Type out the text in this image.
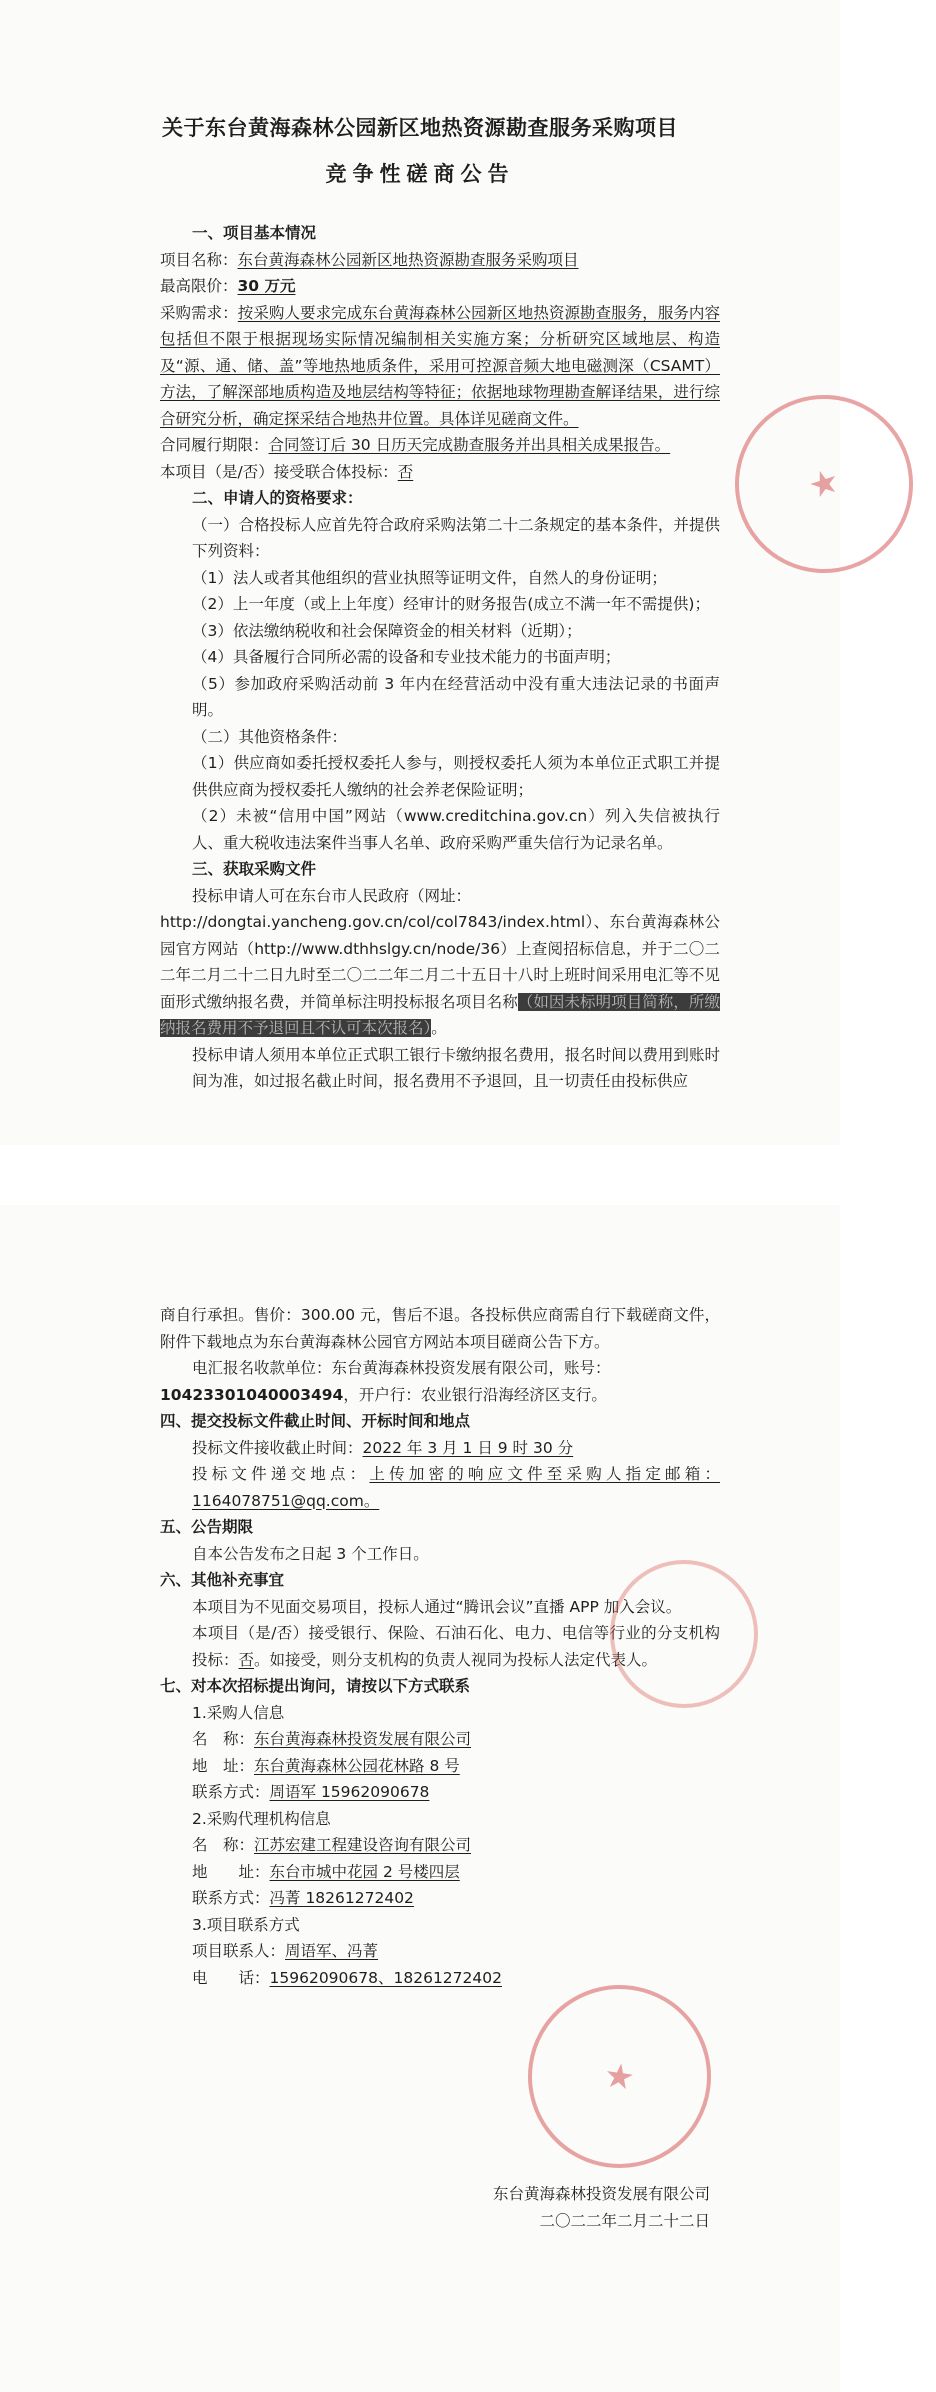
关于东台黄海森林公园新区地热资源勘查服务采购项目
竞争性磋商公告

一、项目基本情况

项目名称：东台黄海森林公园新区地热资源勘查服务采购项目

最高限价：30 万元

采购需求：按采购人要求完成东台黄海森林公园新区地热资源勘查服务，服务内容包括但不限于根据现场实际情况编制相关实施方案；分析研究区域地层、构造及“源、通、储、盖”等地热地质条件，采用可控源音频大地电磁测深（CSAMT）方法，了解深部地质构造及地层结构等特征；依据地球物理勘查解译结果，进行综合研究分析，确定探采结合地热井位置。具体详见磋商文件。

合同履行期限：合同签订后 30 日历天完成勘查服务并出具相关成果报告。

本项目（是/否）接受联合体投标：否

二、申请人的资格要求：

（一）合格投标人应首先符合政府采购法第二十二条规定的基本条件，并提供下列资料：

（1）法人或者其他组织的营业执照等证明文件，自然人的身份证明；

（2）上一年度（或上上年度）经审计的财务报告(成立不满一年不需提供)；

（3）依法缴纳税收和社会保障资金的相关材料（近期）；

（4）具备履行合同所必需的设备和专业技术能力的书面声明；

（5）参加政府采购活动前 3 年内在经营活动中没有重大违法记录的书面声明。

（二）其他资格条件：

（1）供应商如委托授权委托人参与，则授权委托人须为本单位正式职工并提供供应商为授权委托人缴纳的社会养老保险证明；

（2）未被“信用中国”网站（www.creditchina.gov.cn）列入失信被执行人、重大税收违法案件当事人名单、政府采购严重失信行为记录名单。

三、获取采购文件

投标申请人可在东台市人民政府（网址：

http://dongtai.yancheng.gov.cn/col/col7843/index.html）、东台黄海森林公园官方网站（http://www.dthhslgy.cn/node/36）上查阅招标信息，并于二〇二二年二月二十二日九时至二〇二二年二月二十五日十八时上班时间采用电汇等不见面形式缴纳报名费，并简单标注明投标报名项目名称（如因未标明项目简称，所缴纳报名费用不予退回且不认可本次报名）。

投标申请人须用本单位正式职工银行卡缴纳报名费用，报名时间以费用到账时间为准，如过报名截止时间，报名费用不予退回，且一切责任由投标供应

★

商自行承担。售价：300.00 元，售后不退。各投标供应商需自行下载磋商文件，附件下载地点为东台黄海森林公园官方网站本项目磋商公告下方。

电汇报名收款单位：东台黄海森林投资发展有限公司，账号：

10423301040003494，开户行：农业银行沿海经济区支行。

四、提交投标文件截止时间、开标时间和地点

投标文件接收截止时间：2022 年 3 月 1 日 9 时 30 分

投标文件递交地点：上传加密的响应文件至采购人指定邮箱：1164078751@qq.com。

五、公告期限

自本公告发布之日起 3 个工作日。

六、其他补充事宜

本项目为不见面交易项目，投标人通过“腾讯会议”直播 APP 加入会议。

本项目（是/否）接受银行、保险、石油石化、电力、电信等行业的分支机构投标：否。如接受，则分支机构的负责人视同为投标人法定代表人。

七、对本次招标提出询问，请按以下方式联系

1.采购人信息

名　称：东台黄海森林投资发展有限公司

地　址：东台黄海森林公园花林路 8 号

联系方式：周语军 15962090678

2.采购代理机构信息

名　称：江苏宏建工程建设咨询有限公司

地　　址：东台市城中花园 2 号楼四层

联系方式：冯菁 18261272402

3.项目联系方式

项目联系人：周语军、冯菁

电　　话：15962090678、18261272402

东台黄海森林投资发展有限公司

二〇二二年二月二十二日

★
